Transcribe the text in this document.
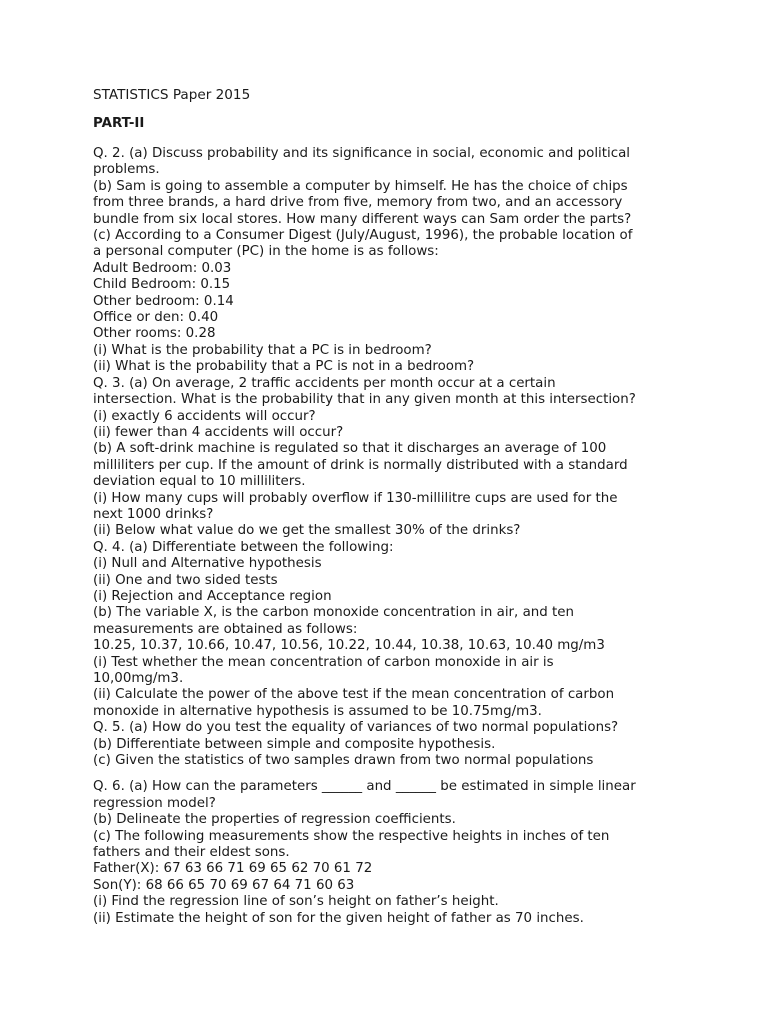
STATISTICS Paper 2015

PART-II

Q. 2. (a) Discuss probability and its significance in social, economic and political
problems.
(b) Sam is going to assemble a computer by himself. He has the choice of chips
from three brands, a hard drive from five, memory from two, and an accessory
bundle from six local stores. How many different ways can Sam order the parts?
(c) According to a Consumer Digest (July/August, 1996), the probable location of
a personal computer (PC) in the home is as follows:
Adult Bedroom: 0.03
Child Bedroom: 0.15
Other bedroom: 0.14
Office or den: 0.40
Other rooms: 0.28
(i) What is the probability that a PC is in bedroom?
(ii) What is the probability that a PC is not in a bedroom?
Q. 3. (a) On average, 2 traffic accidents per month occur at a certain
intersection. What is the probability that in any given month at this intersection?
(i) exactly 6 accidents will occur?
(ii) fewer than 4 accidents will occur?
(b) A soft-drink machine is regulated so that it discharges an average of 100
milliliters per cup. If the amount of drink is normally distributed with a standard
deviation equal to 10 milliliters.
(i) How many cups will probably overflow if 130-millilitre cups are used for the
next 1000 drinks?
(ii) Below what value do we get the smallest 30% of the drinks?
Q. 4. (a) Differentiate between the following:
(i) Null and Alternative hypothesis
(ii) One and two sided tests
(i) Rejection and Acceptance region
(b) The variable X, is the carbon monoxide concentration in air, and ten
measurements are obtained as follows:
10.25, 10.37, 10.66, 10.47, 10.56, 10.22, 10.44, 10.38, 10.63, 10.40 mg/m3
(i) Test whether the mean concentration of carbon monoxide in air is
10,00mg/m3.
(ii) Calculate the power of the above test if the mean concentration of carbon
monoxide in alternative hypothesis is assumed to be 10.75mg/m3.
Q. 5. (a) How do you test the equality of variances of two normal populations?
(b) Differentiate between simple and composite hypothesis.
(c) Given the statistics of two samples drawn from two normal populations
Q. 6. (a) How can the parameters ______ and ______ be estimated in simple linear
regression model?
(b) Delineate the properties of regression coefficients.
(c) The following measurements show the respective heights in inches of ten
fathers and their eldest sons.
Father(X): 67 63 66 71 69 65 62 70 61 72
Son(Y): 68 66 65 70 69 67 64 71 60 63
(i) Find the regression line of son’s height on father’s height.
(ii) Estimate the height of son for the given height of father as 70 inches.
